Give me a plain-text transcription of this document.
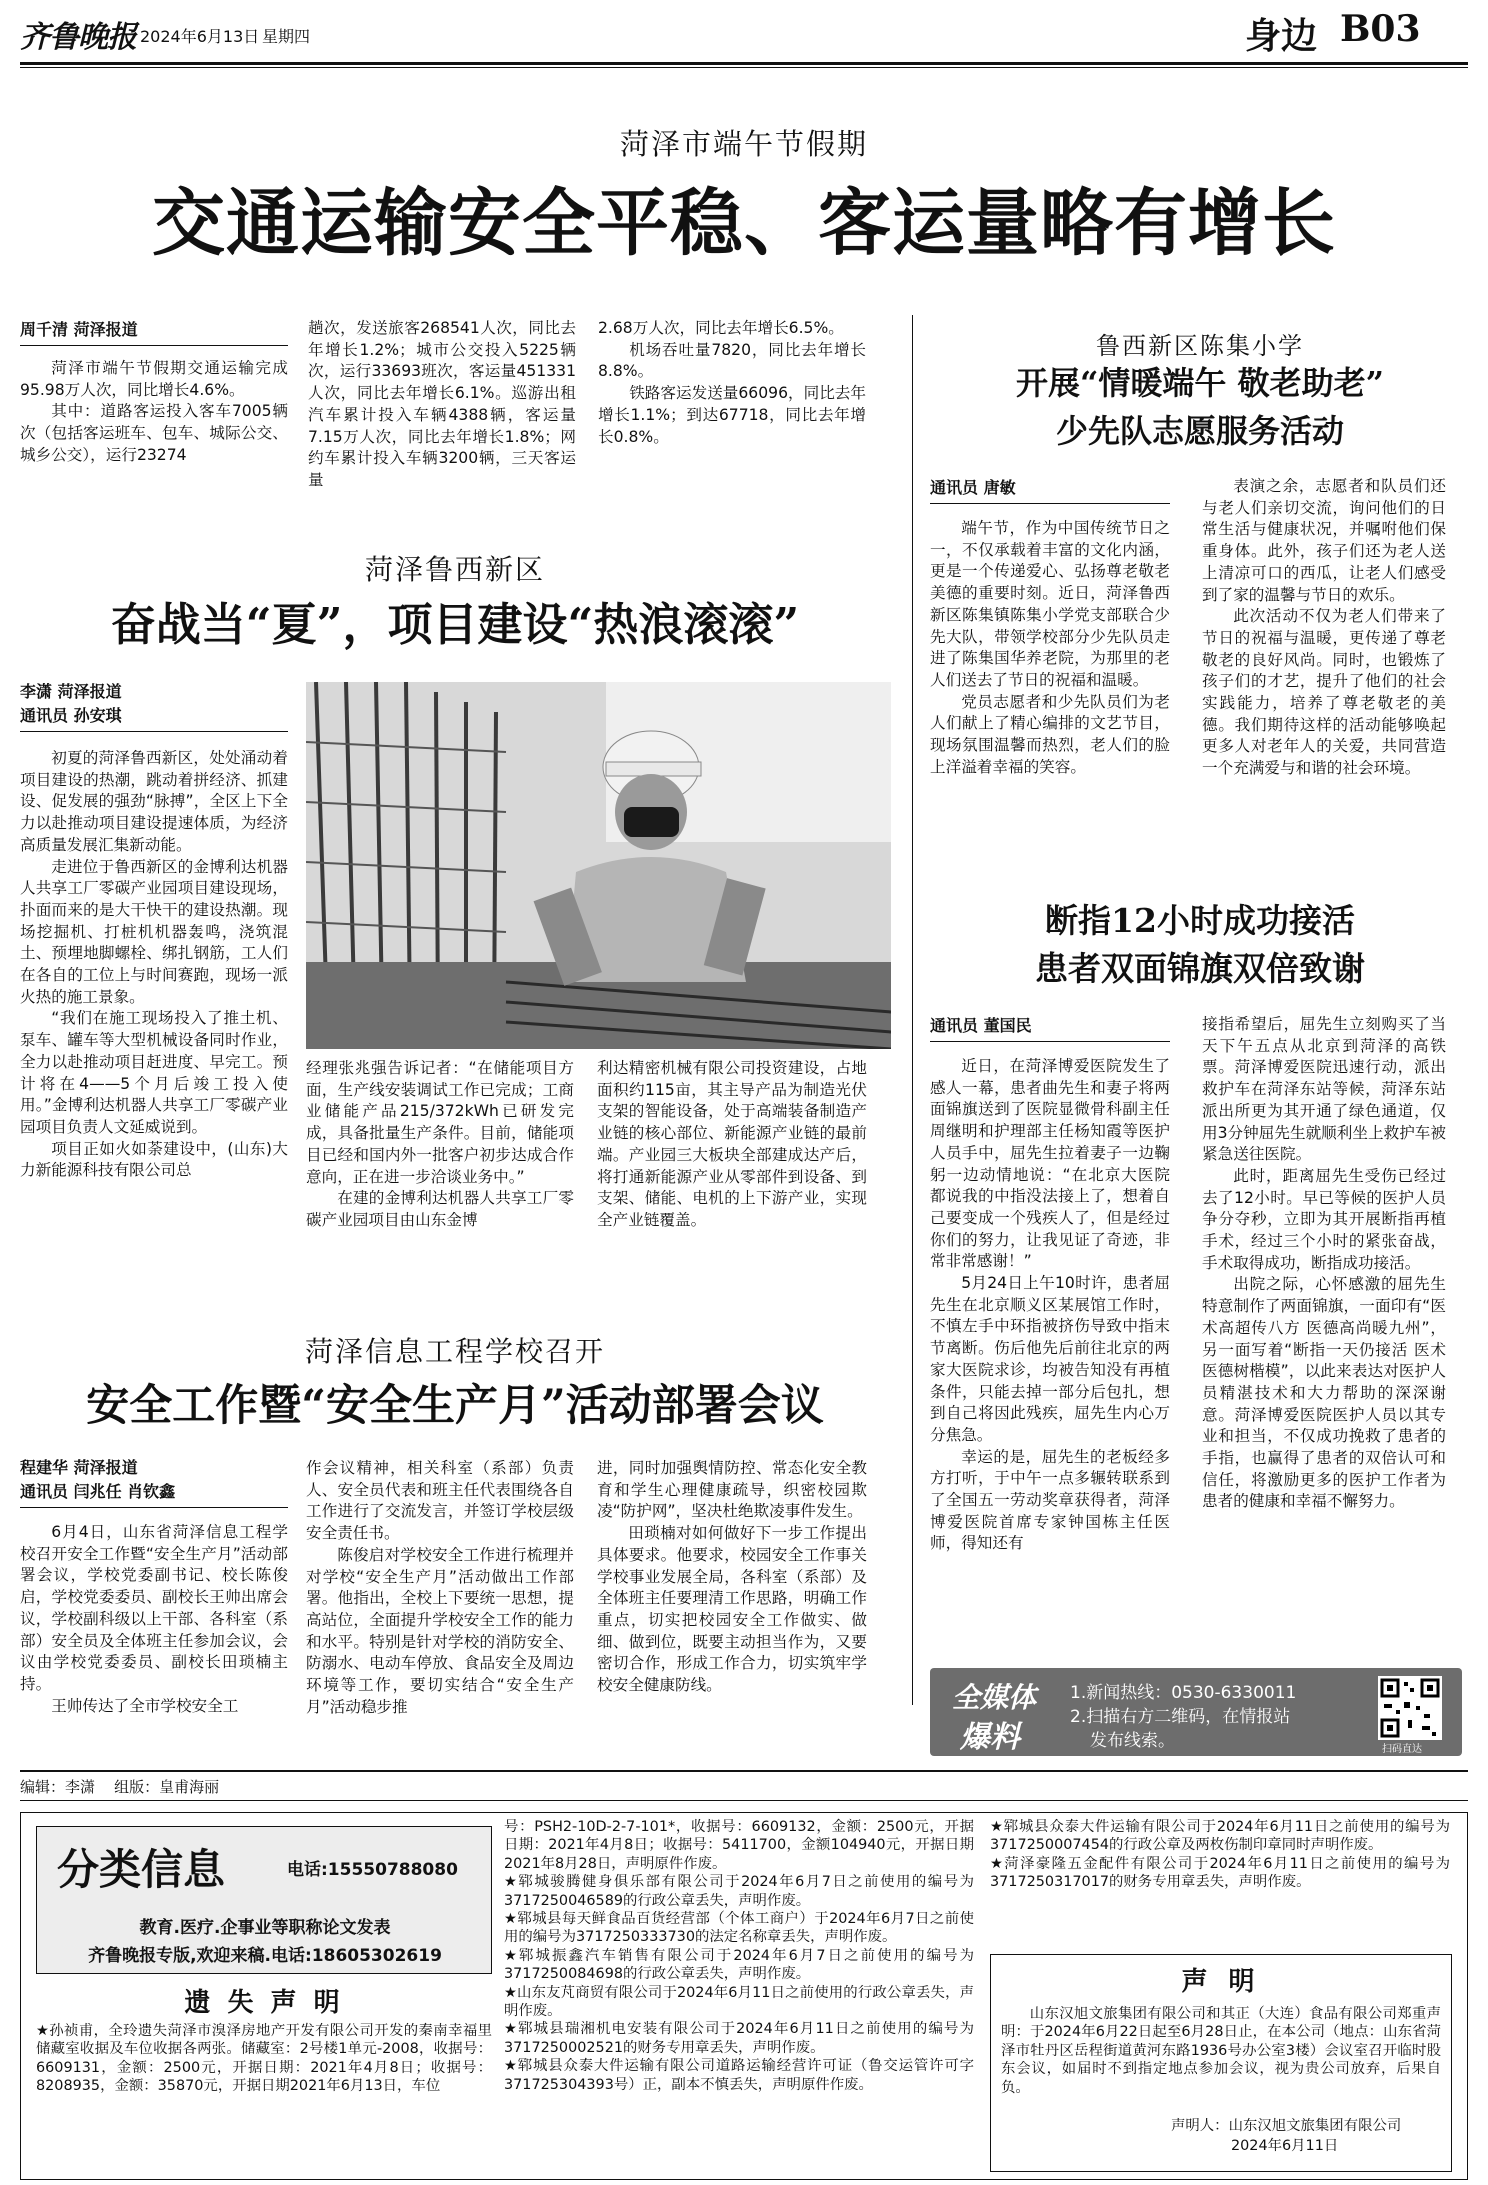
齐鲁晚报 2024年6月13日 星期四	身边 B03
菏泽市端午节假期
交通运输安全平稳、客运量略有增长
周千清 菏泽报道

菏泽市端午节假期交通运输完成95.98万人次，同比增长4.6%。

其中：道路客运投入客车7005辆次（包括客运班车、包车、城际公交、城乡公交），运行23274

趟次，发送旅客268541人次，同比去年增长1.2%；城市公交投入5225辆次，运行33693班次，客运量451331人次，同比去年增长6.1%。巡游出租汽车累计投入车辆4388辆，客运量7.15万人次，同比去年增长1.8%；网约车累计投入车辆3200辆，三天客运量

2.68万人次，同比去年增长6.5%。

机场吞吐量7820，同比去年增长8.8%。

铁路客运发送量66096，同比去年增长1.1%；到达67718，同比去年增长0.8%。

菏泽鲁西新区
奋战当“夏”，项目建设“热浪滚滚”
李潇 菏泽报道
通讯员 孙安琪

初夏的菏泽鲁西新区，处处涌动着项目建设的热潮，跳动着拼经济、抓建设、促发展的强劲“脉搏”，全区上下全力以赴推动项目建设提速体质，为经济高质量发展汇集新动能。

走进位于鲁西新区的金博利达机器人共享工厂零碳产业园项目建设现场，扑面而来的是大干快干的建设热潮。现场挖掘机、打桩机机器轰鸣，浇筑混土、预埋地脚螺栓、绑扎钢筋，工人们在各自的工位上与时间赛跑，现场一派火热的施工景象。

“我们在施工现场投入了推土机、泵车、罐车等大型机械设备同时作业，全力以赴推动项目赶进度、早完工。预计将在4——5个月后竣工投入使用。”金博利达机器人共享工厂零碳产业园项目负责人文延威说到。

项目正如火如荼建设中，(山东)大力新能源科技有限公司总

经理张兆强告诉记者：“在储能项目方面，生产线安装调试工作已完成；工商业储能产品215/372kWh已研发完成，具备批量生产条件。目前，储能项目已经和国内外一批客户初步达成合作意向，正在进一步洽谈业务中。”

在建的金博利达机器人共享工厂零碳产业园项目由山东金博

利达精密机械有限公司投资建设，占地面积约115亩，其主导产品为制造光伏支架的智能设备，处于高端装备制造产业链的核心部位、新能源产业链的最前端。产业园三大板块全部建成达产后，将打通新能源产业从零部件到设备、到支架、储能、电机的上下游产业，实现全产业链覆盖。

菏泽信息工程学校召开
安全工作暨“安全生产月”活动部署会议
程建华 菏泽报道
通讯员 闫兆任 肖钦鑫

6月4日，山东省菏泽信息工程学校召开安全工作暨“安全生产月”活动部署会议，学校党委副书记、校长陈俊启，学校党委委员、副校长王帅出席会议，学校副科级以上干部、各科室（系部）安全员及全体班主任参加会议，会议由学校党委委员、副校长田琐楠主持。

王帅传达了全市学校安全工

作会议精神，相关科室（系部）负责人、安全员代表和班主任代表围绕各自工作进行了交流发言，并签订学校层级安全责任书。

陈俊启对学校安全工作进行梳理并对学校“安全生产月”活动做出工作部署。他指出，全校上下要统一思想，提高站位，全面提升学校安全工作的能力和水平。特别是针对学校的消防安全、防溺水、电动车停放、食品安全及周边环境等工作，要切实结合“安全生产月”活动稳步推

进，同时加强舆情防控、常态化安全教育和学生心理健康疏导，织密校园欺凌“防护网”，坚决杜绝欺凌事件发生。

田琐楠对如何做好下一步工作提出具体要求。他要求，校园安全工作事关学校事业发展全局，各科室（系部）及全体班主任要理清工作思路，明确工作重点，切实把校园安全工作做实、做细、做到位，既要主动担当作为，又要密切合作，形成工作合力，切实筑牢学校安全健康防线。

鲁西新区陈集小学
开展“情暖端午 敬老助老”
少先队志愿服务活动
通讯员 唐敏

端午节，作为中国传统节日之一，不仅承载着丰富的文化内涵，更是一个传递爱心、弘扬尊老敬老美德的重要时刻。近日，菏泽鲁西新区陈集镇陈集小学党支部联合少先大队，带领学校部分少先队员走进了陈集国华养老院，为那里的老人们送去了节日的祝福和温暖。

党员志愿者和少先队员们为老人们献上了精心编排的文艺节目，现场氛围温馨而热烈，老人们的脸上洋溢着幸福的笑容。

表演之余，志愿者和队员们还与老人们亲切交流，询问他们的日常生活与健康状况，并嘱咐他们保重身体。此外，孩子们还为老人送上清凉可口的西瓜，让老人们感受到了家的温馨与节日的欢乐。

此次活动不仅为老人们带来了节日的祝福与温暖，更传递了尊老敬老的良好风尚。同时，也锻炼了孩子们的才艺，提升了他们的社会实践能力，培养了尊老敬老的美德。我们期待这样的活动能够唤起更多人对老年人的关爱，共同营造一个充满爱与和谐的社会环境。

断指12小时成功接活
患者双面锦旗双倍致谢
通讯员 董国民

近日，在菏泽博爱医院发生了感人一幕，患者曲先生和妻子将两面锦旗送到了医院显微骨科副主任周继明和护理部主任杨知霞等医护人员手中，屈先生拉着妻子一边鞠躬一边动情地说：“在北京大医院都说我的中指没法接上了，想着自己要变成一个残疾人了，但是经过你们的努力，让我见证了奇迹，非常非常感谢！”

5月24日上午10时许，患者屈先生在北京顺义区某展馆工作时，不慎左手中环指被挤伤导致中指末节离断。伤后他先后前往北京的两家大医院求诊，均被告知没有再植条件，只能去掉一部分后包扎，想到自己将因此残疾，屈先生内心万分焦急。

幸运的是，屈先生的老板经多方打听，于中午一点多辗转联系到了全国五一劳动奖章获得者，菏泽博爱医院首席专家钟国栋主任医师，得知还有

接指希望后，屈先生立刻购买了当天下午五点从北京到菏泽的高铁票。菏泽博爱医院迅速行动，派出救护车在菏泽东站等候，菏泽东站派出所更为其开通了绿色通道，仅用3分钟屈先生就顺利坐上救护车被紧急送往医院。

此时，距离屈先生受伤已经过去了12小时。早已等候的医护人员争分夺秒，立即为其开展断指再植手术，经过三个小时的紧张奋战，手术取得成功，断指成功接活。

出院之际，心怀感激的屈先生特意制作了两面锦旗，一面印有“医术高超传八方 医德高尚暖九州”，另一面写着“断指一天仍接活 医术医德树楷模”，以此来表达对医护人员精湛技术和大力帮助的深深谢意。菏泽博爱医院医护人员以其专业和担当，不仅成功挽救了患者的手指，也赢得了患者的双倍认可和信任，将激励更多的医护工作者为患者的健康和幸福不懈努力。

全媒体
爆料
1.新闻热线：0530-6330011
2.扫描右方二维码，在情报站
发布线索。	扫码直达
编辑：李潇    组版：皇甫海丽
分类信息	电话:15550788080
教育.医疗.企事业等职称论文发表
齐鲁晚报专版,欢迎来稿.电话:18605302619
遗 失 声 明
★孙祯甫，全玲遗失菏泽市溴泽房地产开发有限公司开发的秦南幸福里储藏室收据及车位收据各两张。储藏室：2号楼1单元-2008，收据号：6609131，金额：2500元，开据日期：2021年4月8日；收据号：8208935，金额：35870元，开据日期2021年6月13日，车位

号：PSH2-10D-2-7-101*，收据号：6609132，金额：2500元，开据日期：2021年4月8日；收据号：5411700，金额104940元，开据日期2021年8月28日，声明原件作废。

★郓城骏腾健身俱乐部有限公司于2024年6月7日之前使用的编号为371725004658​9的行政公章丢失，声明作废。

★郓城县每天鲜食品百货经营部（个体工商户）于2024年6月7日之前使用的编号为371725033373​0的法定名称章丢失，声明作废。

★郓城振鑫汽车销售有限公司于2024年6月7日之前使用的编号为371725008469​8的行政公章丢失，声明作废。

★山东友芃商贸有限公司于2024年6月11日之前使用的行政公章丢失，声明作废。

★郓城县瑞湘机电安装有限公司于2024年6月11日之前使用的编号为371725000252​1的财务专用章丢失，声明作废。

★郓城县众泰大件运输有限公司道路运输经营许可证（鲁交运管许可字371725304393号）正，副本不慎丢失，声明原件作废。

★郓城县众泰大件运输有限公司于2024年6月11日之前使用的编号为371725000745​4的行政公章及两枚伤制印章同时声明作废。

★菏泽豪隆五金配件有限公司于2024年6月11日之前使用的编号为371725031701​7的财务专用章丢失，声明作废。

声 明
山东汉旭文旅集团有限公司和其正（大连）食品有限公司郑重声明：于2024年6月22日起至6月28日止，在本公司（地点：山东省菏泽市牡丹区岳程街道黄河东路1936号办公室3楼）会议室召开临时股东会议，如届时不到指定地点参加会议，视为贵公司放弃，后果自负。
声明人：山东汉旭文旅集团有限公司
2024年6月11日
